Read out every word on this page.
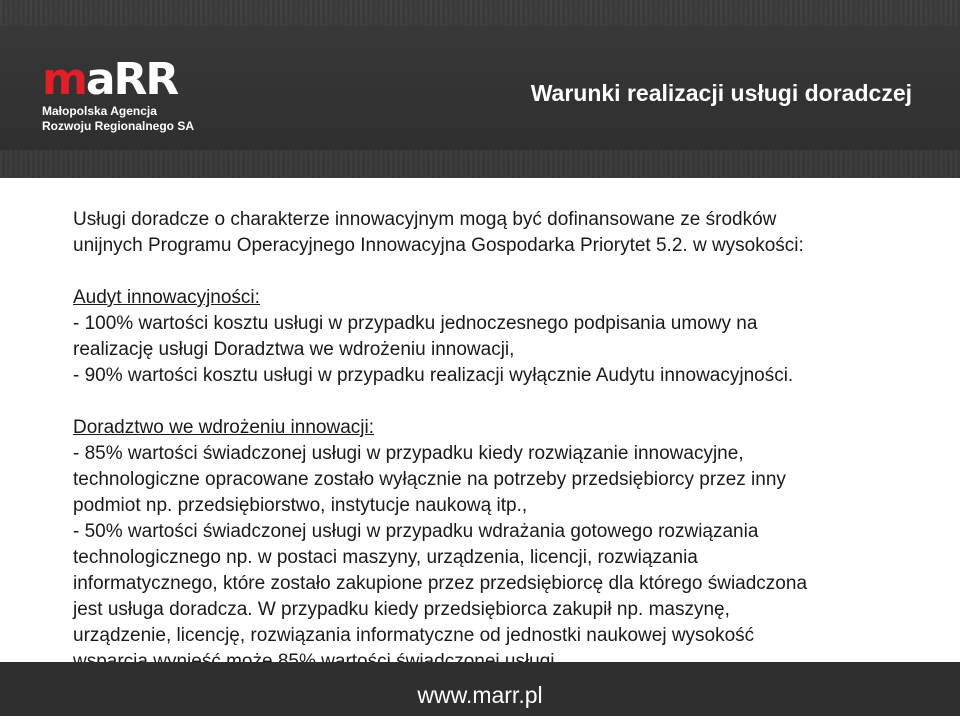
maRR
Małopolska Agencja
Rozwoju Regionalnego SA
Warunki realizacji usługi doradczej

Usługi doradcze o charakterze innowacyjnym mogą być dofinansowane ze środków
unijnych Programu Operacyjnego Innowacyjna Gospodarka Priorytet 5.2. w wysokości:

Audyt innowacyjności:
- 100% wartości kosztu usługi w przypadku jednoczesnego podpisania umowy na
realizację usługi Doradztwa we wdrożeniu innowacji,
- 90% wartości kosztu usługi w przypadku realizacji wyłącznie Audytu innowacyjności.

Doradztwo we wdrożeniu innowacji:
- 85% wartości świadczonej usługi w przypadku kiedy rozwiązanie innowacyjne,
technologiczne opracowane zostało wyłącznie na potrzeby przedsiębiorcy przez inny
podmiot np. przedsiębiorstwo, instytucje naukową itp.,
- 50% wartości świadczonej usługi w przypadku wdrażania gotowego rozwiązania
technologicznego np. w postaci maszyny, urządzenia, licencji, rozwiązania
informatycznego, które zostało zakupione przez przedsiębiorcę dla którego świadczona
jest usługa doradcza. W przypadku kiedy przedsiębiorca zakupił np. maszynę,
urządzenie, licencję, rozwiązania informatyczne od jednostki naukowej wysokość

www.marr.pl
